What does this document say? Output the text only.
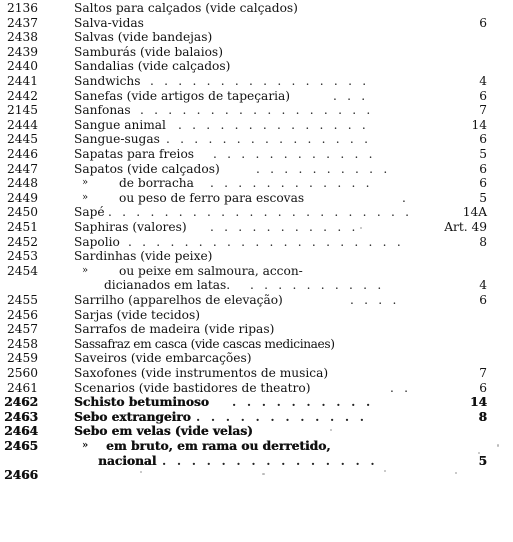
2136	Saltos para calçados (vide calçados)
2437	Salva-vidas	6
2438	Salvas (vide bandejas)
2439	Samburás (vide balaios)
2440	Sandalias (vide calçados)
2441	Sandwichs . . . . . . . . . . . . . . . .	4
2442	Sanefas (vide artigos de tapeçaria)	. . .	6
2145	Sanfonas . . . . . . . . . . . . . . . . .	7
2444	Sangue animal . . . . . . . . . . . . . .	14
2445	Sangue-sugas . . . . . . . . . . . . . . .	6
2446	Sapatas para freios . . . . . . . . . . . .	5
2447	Sapatos (vide calçados)	. . . . . . . . . .	6
2448	»	de borracha . . . . . . . . . . . .	6
2449	»	ou peso de ferro para escovas	.	5
2450	Sapé . . . . . . . . . . . . . . . . . . . . . .	14A
2451	Saphiras (valores) . . . . . . . . . . .	Art. 49
2452	Sapolio . . . . . . . . . . . . . . . . . . . .	8
2453	Sardinhas (vide peixe)
2454	»	ou peixe em salmoura, accon-
dicianados em latas. . . . . . . . . . .	4
2455	Sarrilho (apparelhos de elevação)	. . . .	6
2456	Sarjas (vide tecidos)
2457	Sarrafos de madeira (vide ripas)
2458	Sassafraz em casca (vide cascas medicinaes)
2459	Saveiros (vide embarcações)
2560	Saxofones (vide instrumentos de musica)	7
2461	Scenarios (vide bastidores de theatro)	. .	6
2462	Schisto betuminoso . . . . . . . . . .	14
2463	Sebo extrangeiro . . . . . . . . . . . .	8
2464	Sebo em velas (vide velas)
2465	» em bruto, em rama ou derretido,
nacional . . . . . . . . . . . . . . .	5
2466
